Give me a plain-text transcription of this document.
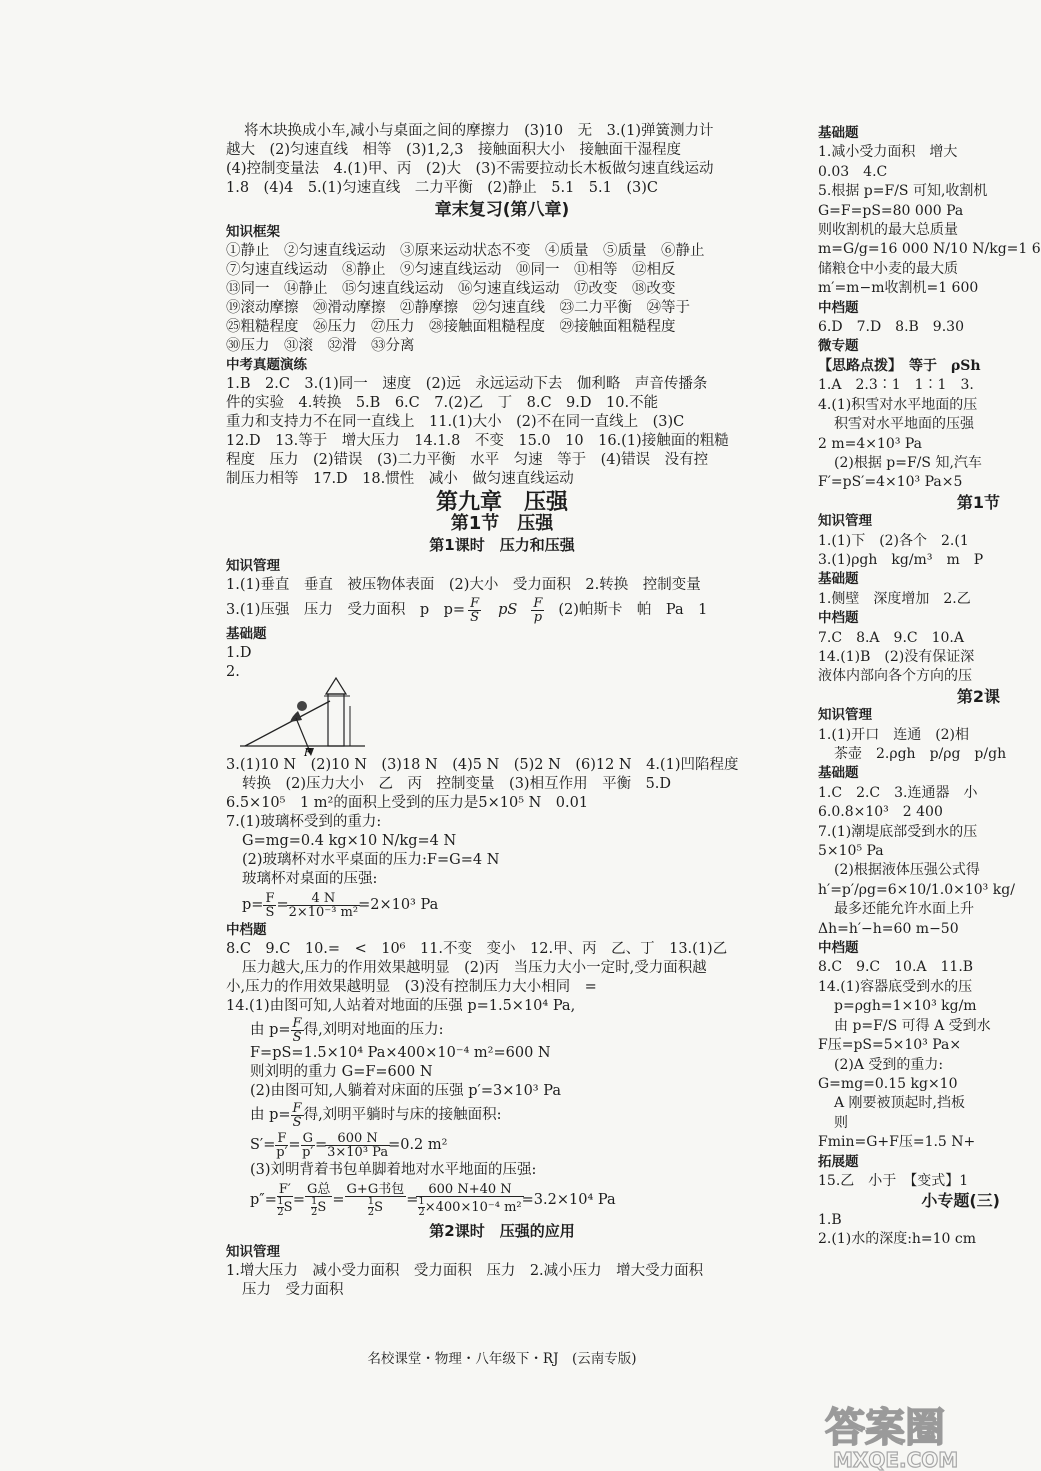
F 支
f	F
B
A
G
F N
F 支
G
F 支
O
F 阻
G
将木块换成小车,减小与桌面之间的摩擦力　(3)10　无　3.(1)弹簧测力计
越大　(2)匀速直线　相等　(3)1,2,3　接触面积大小　接触面干湿程度
(4)控制变量法　4.(1)甲、丙　(2)大　(3)不需要拉动长木板做匀速直线运动
1.8　(4)4　5.(1)匀速直线　二力平衡　(2)静止　5.1　5.1　(3)C
章末复习(第八章)
知识框架
①静止　②匀速直线运动　③原来运动状态不变　④质量　⑤质量　⑥静止
⑦匀速直线运动　⑧静止　⑨匀速直线运动　⑩同一　⑪相等　⑫相反
⑬同一　⑭静止　⑮匀速直线运动　⑯匀速直线运动　⑰改变　⑱改变
⑲滚动摩擦　⑳滑动摩擦　㉑静摩擦　㉒匀速直线　㉓二力平衡　㉔等于
㉕粗糙程度　㉖压力　㉗压力　㉘接触面粗糙程度　㉙接触面粗糙程度
㉚压力　㉛滚　㉜滑　㉝分离
中考真题演练
1.B　2.C　3.(1)同一　速度　(2)远　永远运动下去　伽利略　声音传播条
件的实验　4.转换　5.B　6.C　7.(2)乙　丁　8.C　9.D　10.不能
重力和支持力不在同一直线上　11.(1)大小　(2)不在同一直线上　(3)C
12.D　13.等于　增大压力　14.1.8　不变　15.0　10　16.(1)接触面的粗糙
程度　压力　(2)错误　(3)二力平衡　水平　匀速　等于　(4)错误　没有控
制压力相等　17.D　18.惯性　减小　做匀速直线运动
第九章　压强
第1节　压强
第1课时　压力和压强
知识管理
1.(1)垂直　垂直　被压物体表面　(2)大小　受力面积　2.转换　控制变量
3.(1)压强　压力　受力面积　p　$p= \frac{F}{S}$ pS F
p (2)帕斯卡　帕　Pa　1
基础题
1.D
2.
F
3.(1)10 N　(2)10 N　(3)18 N　(4)5 N　(5)2 N　(6)12 N　4.(1)凹陷程度
转换　(2)压力大小　乙　丙　控制变量　(3)相互作用　平衡　5.D
6.5×10⁵　1 m²的面积上受到的压力是5×10⁵ N　0.01
7.(1)玻璃杯受到的重力:
G=mg=0.4 kg×10 N/kg=4 N
(2)玻璃杯对水平桌面的压力:F=G=4 N
玻璃杯对桌面的压强:
$p= \frac{F}{S} = \frac{4 N}{\text{2×10⁻³ m²}} =2\times 10^3$ Pa
中档题
8.C　9.C　10.=　<　10⁶　11.不变　变小　12.甲、丙　乙、丁　13.(1)乙
压力越大,压力的作用效果越明显　(2)丙　当压力大小一定时,受力面积越
小,压力的作用效果越明显　(3)没有控制压力大小相同　=
14.(1)由图可知,人站着对地面的压强 p=1.5×10⁴ Pa,
由 $p= \frac{F}{S}$ 得,刘明对地面的压力:
F=pS=1.5×10⁴ Pa×400×10⁻⁴ m²=600 N
则刘明的重力 G=F=600 N
(2)由图可知,人躺着对床面的压强 p′=3×10³ Pa
由 $p= \frac{F}{S}$ 得,刘明平躺时与床的接触面积:
$S'= \frac{F}{p'} = \frac{G}{p'} = \frac{600 N}{\text{3×10³ Pa}} =0.2$ m²
(3)刘明背着书包单脚着地对水平地面的压强:
$p''= \frac{F'}{\frac{1}{2} S}$ =
G总
$\frac{1}{2}$ S =
G+G书包
$\frac{1}{2}$ $S = \frac{600 N+40 N}{\frac{1}{2} \times 400\times 10^{-4} m^2} =3.2\times 10^4$ Pa
第2课时　压强的应用
知识管理
1.增大压力　减小受力面积　受力面积　压力　2.减小压力　增大受力面积
压力　受力面积
名校课堂・物理・八年级下・RJ　(云南专版)
基础题
1.减小受力面积　增大
0.03　4.C
5.根据 p=F/S 可知,收割机
G=F=pS=80 000 Pa
则收割机的最大总质量
m=G/g=16 000 N/10 N/kg=1 6
储粮仓中小麦的最大质
m′=m−m收割机=1 600
中档题
6.D　7.D　8.B　9.30
微专题
【思路点拨】　等于　ρSh
1.A　2.3∶1　1∶1　3.
4.(1)积雪对水平地面的压
积雪对水平地面的压强
2 m=4×10³ Pa
(2)根据 p=F/S 知,汽车
F′=pS′=4×10³ Pa×5
第1节
知识管理
1.(1)下　(2)各个　2.(1
3.(1)ρgh　kg/m³　m　P
基础题
1.侧壁　深度增加　2.乙
中档题
7.C　8.A　9.C　10.A
14.(1)B　(2)没有保证深
液体内部向各个方向的压
第2课
知识管理
1.(1)开口　连通　(2)相
茶壶　2.ρgh　p/ρg　p/gh
基础题
1.C　2.C　3.连通器　小
6.0.8×10³　2 400
7.(1)潮堤底部受到水的压
5×10⁵ Pa
(2)根据液体压强公式得
h′=p′/ρg=6×10/1.0×10³ kg/
最多还能允许水面上升
Δh=h′−h=60 m−50
中档题
8.C　9.C　10.A　11.B
14.(1)容器底受到水的压
p=ρgh=1×10³ kg/m
由 p=F/S 可得 A 受到水
F压=pS=5×10³ Pa×
(2)A 受到的重力:
G=mg=0.15 kg×10
A 刚要被顶起时,挡板
则
Fmin=G+F压=1.5 N+
拓展题
15.乙　小于　【变式】1
小专题(三)
1.B
2.(1)水的深度:h=10 cm
答案圈
MXQE.COM
